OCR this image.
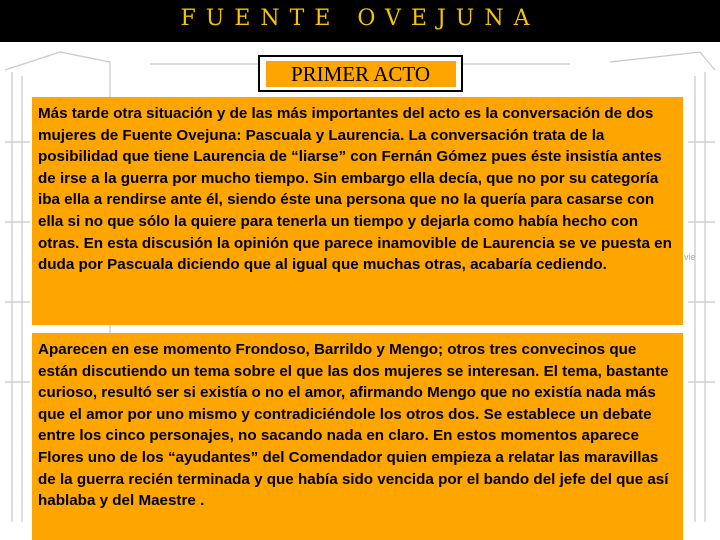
FUENTE OVEJUNA
vie
PRIMER ACTO
Más tarde otra situación y de las más importantes del acto es la conversación de dos mujeres de Fuente Ovejuna: Pascuala y Laurencia. La conversación trata de la posibilidad que tiene Laurencia de “liarse” con Fernán Gómez pues éste insistía antes de irse a la guerra por mucho tiempo. Sin embargo ella decía, que no por su categoría iba ella a rendirse ante él, siendo éste una persona que no la quería para casarse con ella si no que sólo la quiere para tenerla un tiempo y dejarla como había hecho con otras. En esta discusión la opinión que parece inamovible de Laurencia se ve puesta en duda por Pascuala diciendo que al igual que muchas otras, acabaría cediendo.
Aparecen en ese momento Frondoso, Barrildo y Mengo; otros tres convecinos que están discutiendo un tema sobre el que las dos mujeres se interesan. El tema, bastante curioso, resultó ser si existía o no el amor, afirmando Mengo que no existía nada más que el amor por uno mismo y contradiciéndole los otros dos. Se establece un debate entre los cinco personajes, no sacando nada en claro. En estos momentos aparece Flores uno de los “ayudantes” del Comendador quien empieza a relatar las maravillas de la guerra recién terminada y que había sido vencida por el bando del jefe del que así hablaba y del Maestre .
